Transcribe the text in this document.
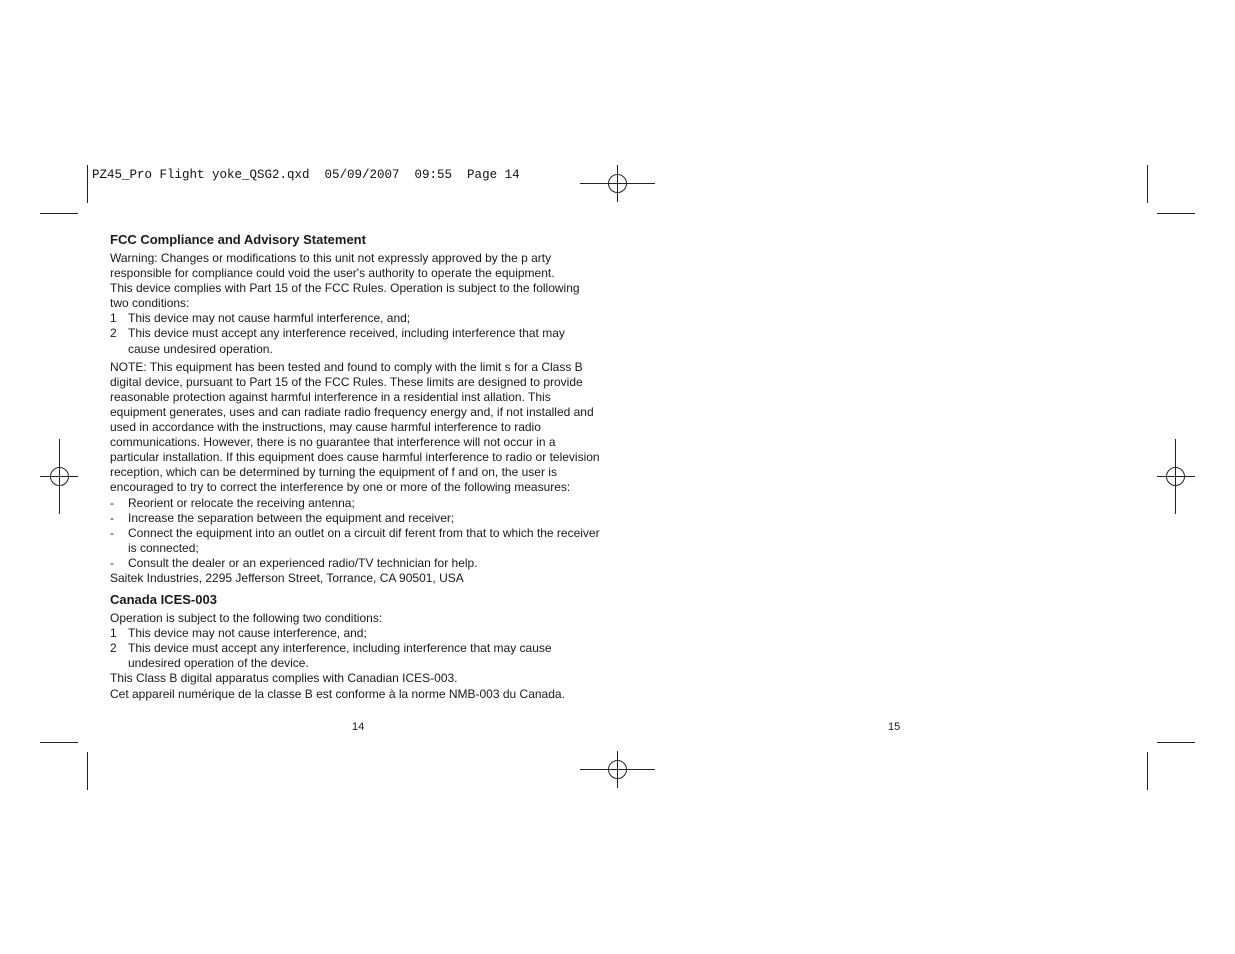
PZ45_Pro Flight yoke_QSG2.qxd  05/09/2007  09:55  Page 14
FCC Compliance and Advisory Statement

Warning: Changes or modifications to this unit not expressly approved by the p arty responsible for compliance could void the user's authority to operate the equipment.

This device complies with Part 15 of the FCC Rules. Operation is subject to the following two conditions:

1 This device may not cause harmful interference, and;
2 This device must accept any interference received, including interference that may cause undesired operation.

NOTE: This equipment has been tested and found to comply with the limit s for a Class B digital device, pursuant to Part 15 of the FCC Rules. These limits are designed to provide reasonable protection against harmful interference in a residential inst allation. This equipment generates, uses and can radiate radio frequency energy and, if not installed and used in accordance with the instructions, may cause harmful interference to radio communications. However, there is no guarantee that interference will not occur in a particular installation. If this equipment does cause harmful interference to radio or television reception, which can be determined by turning the equipment of f and on, the user is encouraged to try to correct the interference by one or more of the following measures:

-	Reorient or relocate the receiving antenna;
-	Increase the separation between the equipment and receiver;
-	Connect the equipment into an outlet on a circuit dif ferent from that to which the receiver is connected;
-	Consult the dealer or an experienced radio/TV technician for help.

Saitek Industries, 2295 Jefferson Street, Torrance, CA 90501, USA

Canada ICES-003

Operation is subject to the following two conditions:

1 This device may not cause interference, and;
2 This device must accept any interference, including interference that may cause undesired operation of the device.

This Class B digital apparatus complies with Canadian ICES-003.

Cet appareil numérique de la classe B est conforme à la norme NMB-003 du Canada.

14	15
